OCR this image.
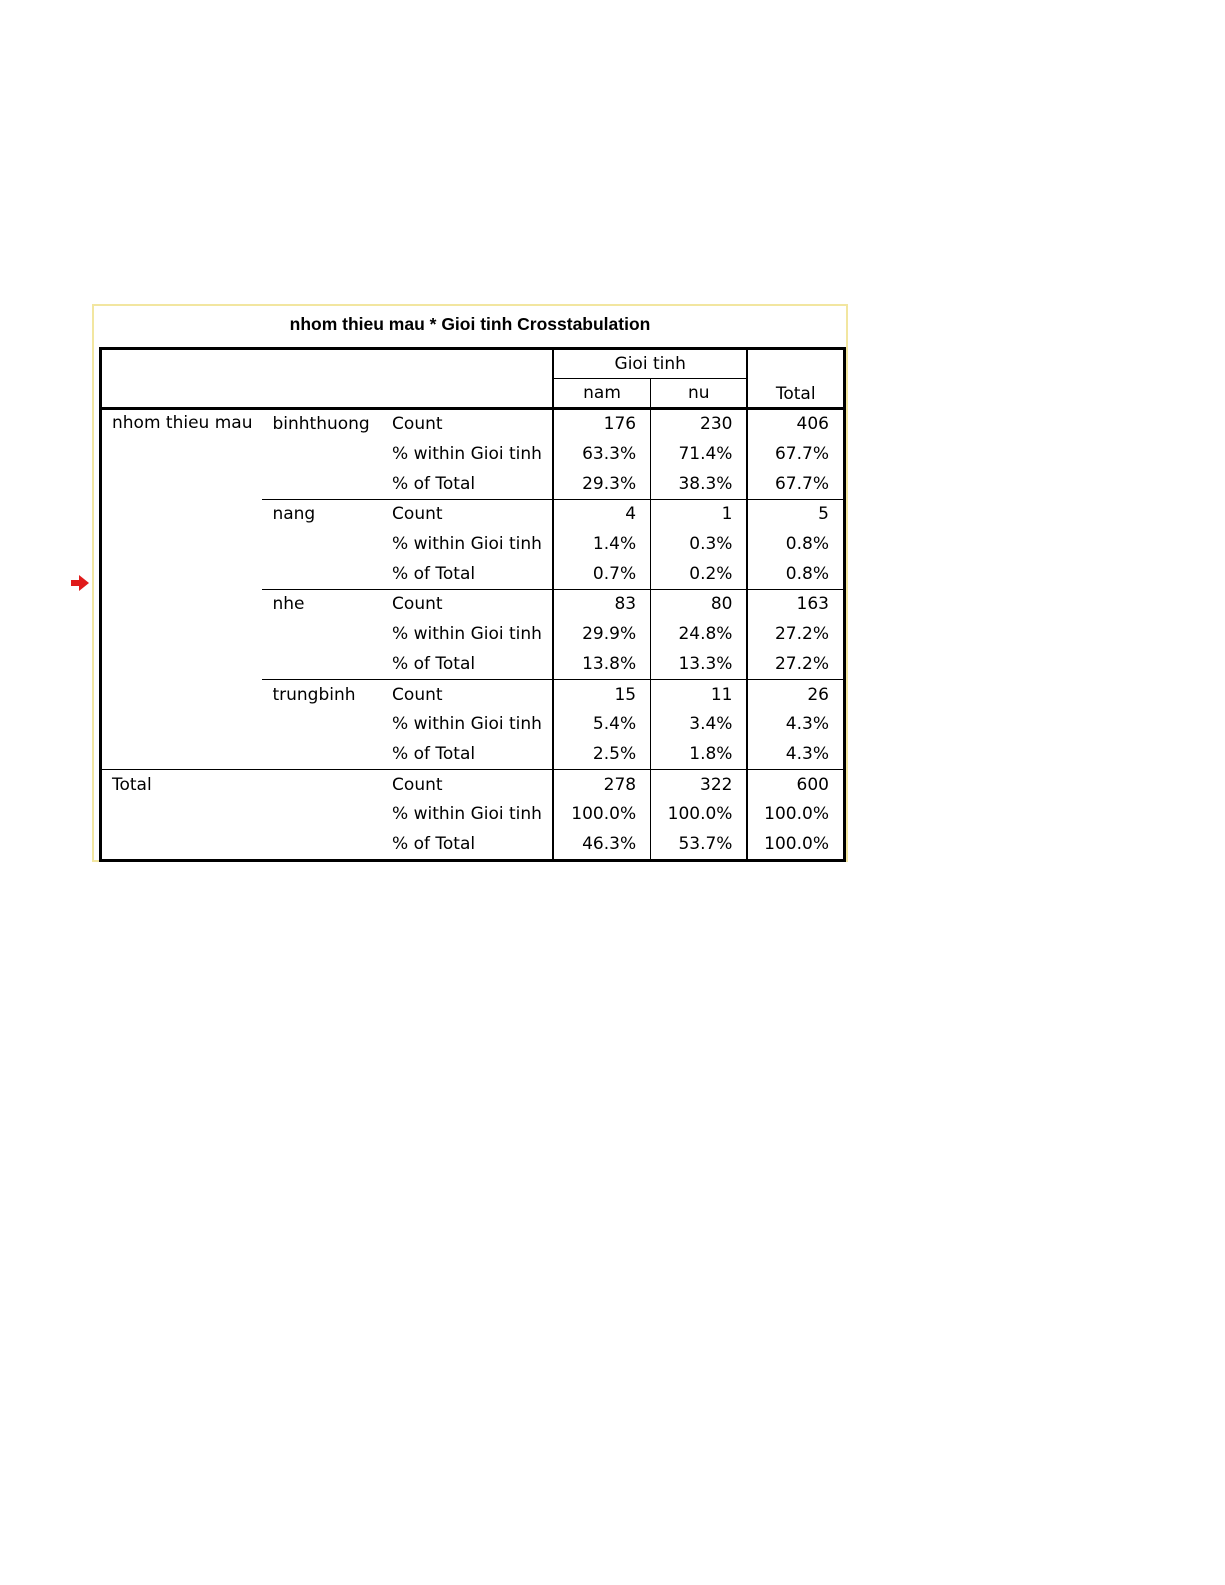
nhom thieu mau * Gioi tinh Crosstabulation
			Gioi tinh		Total
			nam	nu	
nhom thieu mau	binhthuong	Count	176	230	406
		% within Gioi tinh	63.3%	71.4%	67.7%
		% of Total	29.3%	38.3%	67.7%
	nang	Count	4	1	5
		% within Gioi tinh	1.4%	0.3%	0.8%
		% of Total	0.7%	0.2%	0.8%
	nhe	Count	83	80	163
		% within Gioi tinh	29.9%	24.8%	27.2%
		% of Total	13.8%	13.3%	27.2%
	trungbinh	Count	15	11	26
		% within Gioi tinh	5.4%	3.4%	4.3%
		% of Total	2.5%	1.8%	4.3%
Total		Count	278	322	600
		% within Gioi tinh	100.0%	100.0%	100.0%
		% of Total	46.3%	53.7%	100.0%
